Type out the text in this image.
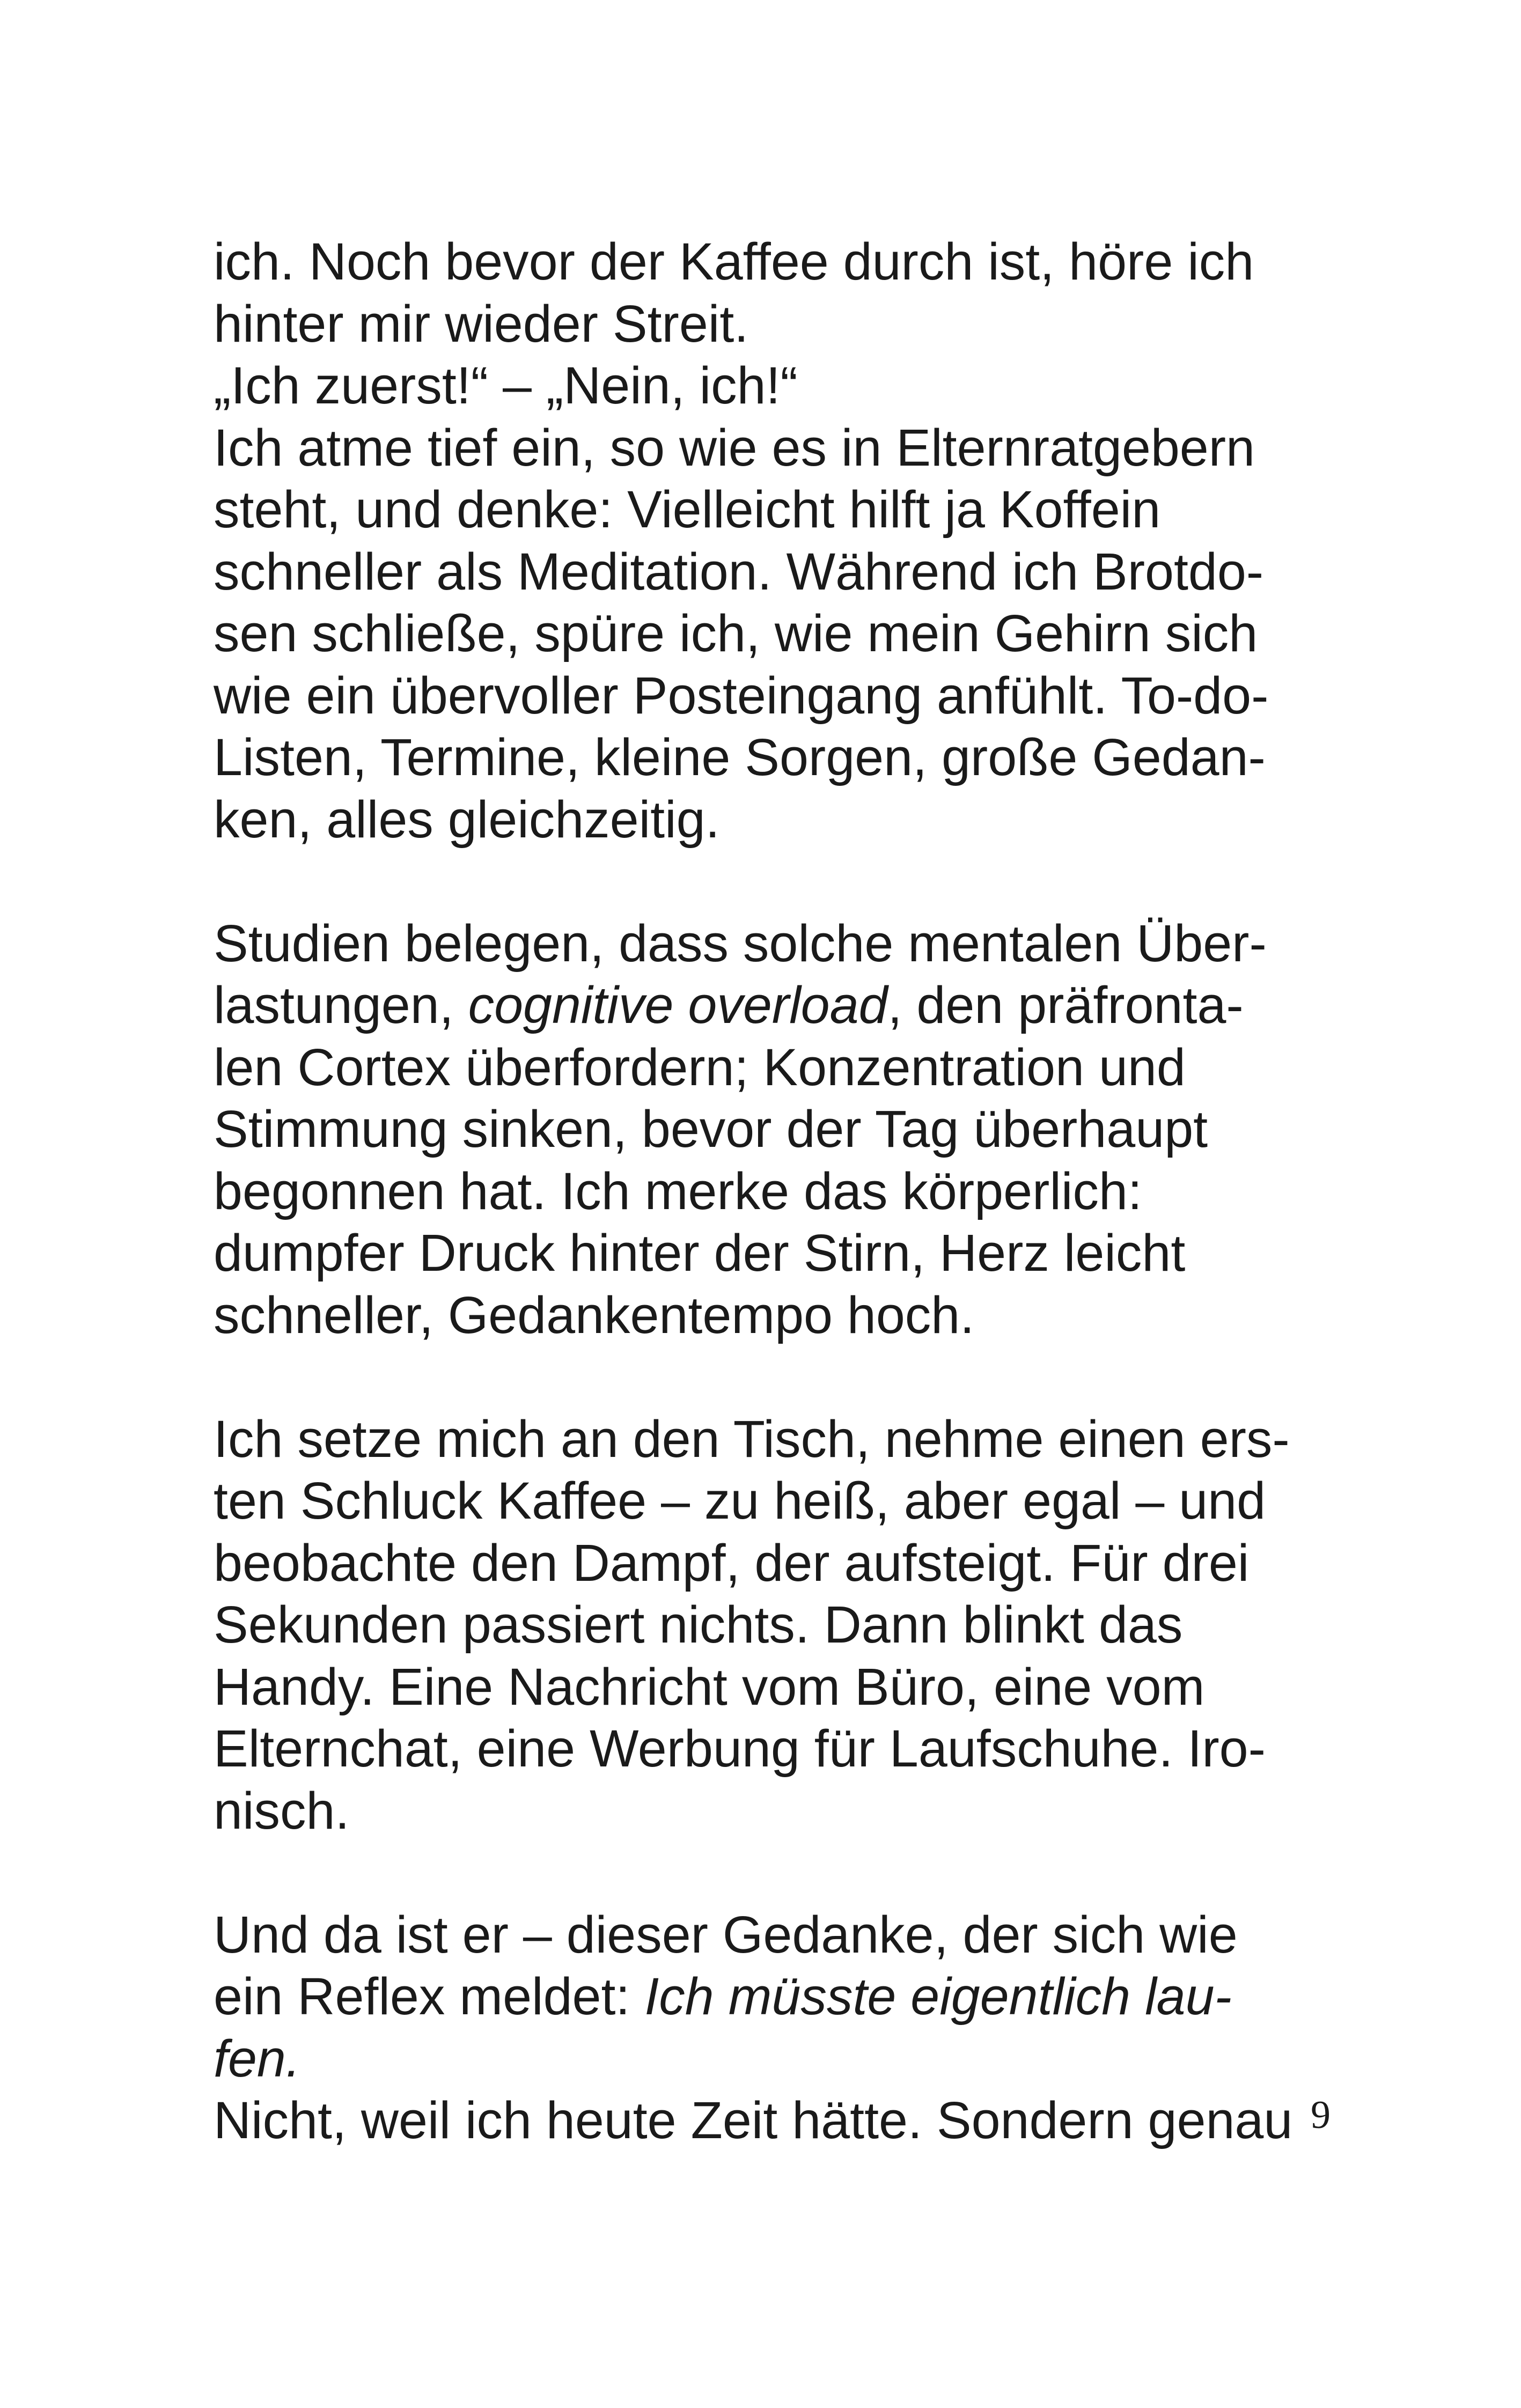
ich. Noch bevor der Kaffee durch ist, höre ich
hinter mir wieder Streit.
„Ich zuerst!“ – „Nein, ich!“
Ich atme tief ein, so wie es in Elternratgebern
steht, und denke: Vielleicht hilft ja Koffein
schneller als Meditation. Während ich Brotdo-
sen schließe, spüre ich, wie mein Gehirn sich
wie ein übervoller Posteingang anfühlt. To-do-
Listen, Termine, kleine Sorgen, große Gedan-
ken, alles gleichzeitig.
Studien belegen, dass solche mentalen Über-
lastungen, cognitive overload, den präfronta-
len Cortex überfordern; Konzentration und
Stimmung sinken, bevor der Tag überhaupt
begonnen hat. Ich merke das körperlich:
dumpfer Druck hinter der Stirn, Herz leicht
schneller, Gedankentempo hoch.
Ich setze mich an den Tisch, nehme einen ers-
ten Schluck Kaffee – zu heiß, aber egal – und
beobachte den Dampf, der aufsteigt. Für drei
Sekunden passiert nichts. Dann blinkt das
Handy. Eine Nachricht vom Büro, eine vom
Elternchat, eine Werbung für Laufschuhe. Iro-
nisch.
Und da ist er – dieser Gedanke, der sich wie
ein Reflex meldet: Ich müsste eigentlich lau-
fen.
Nicht, weil ich heute Zeit hätte. Sondern genau 9
